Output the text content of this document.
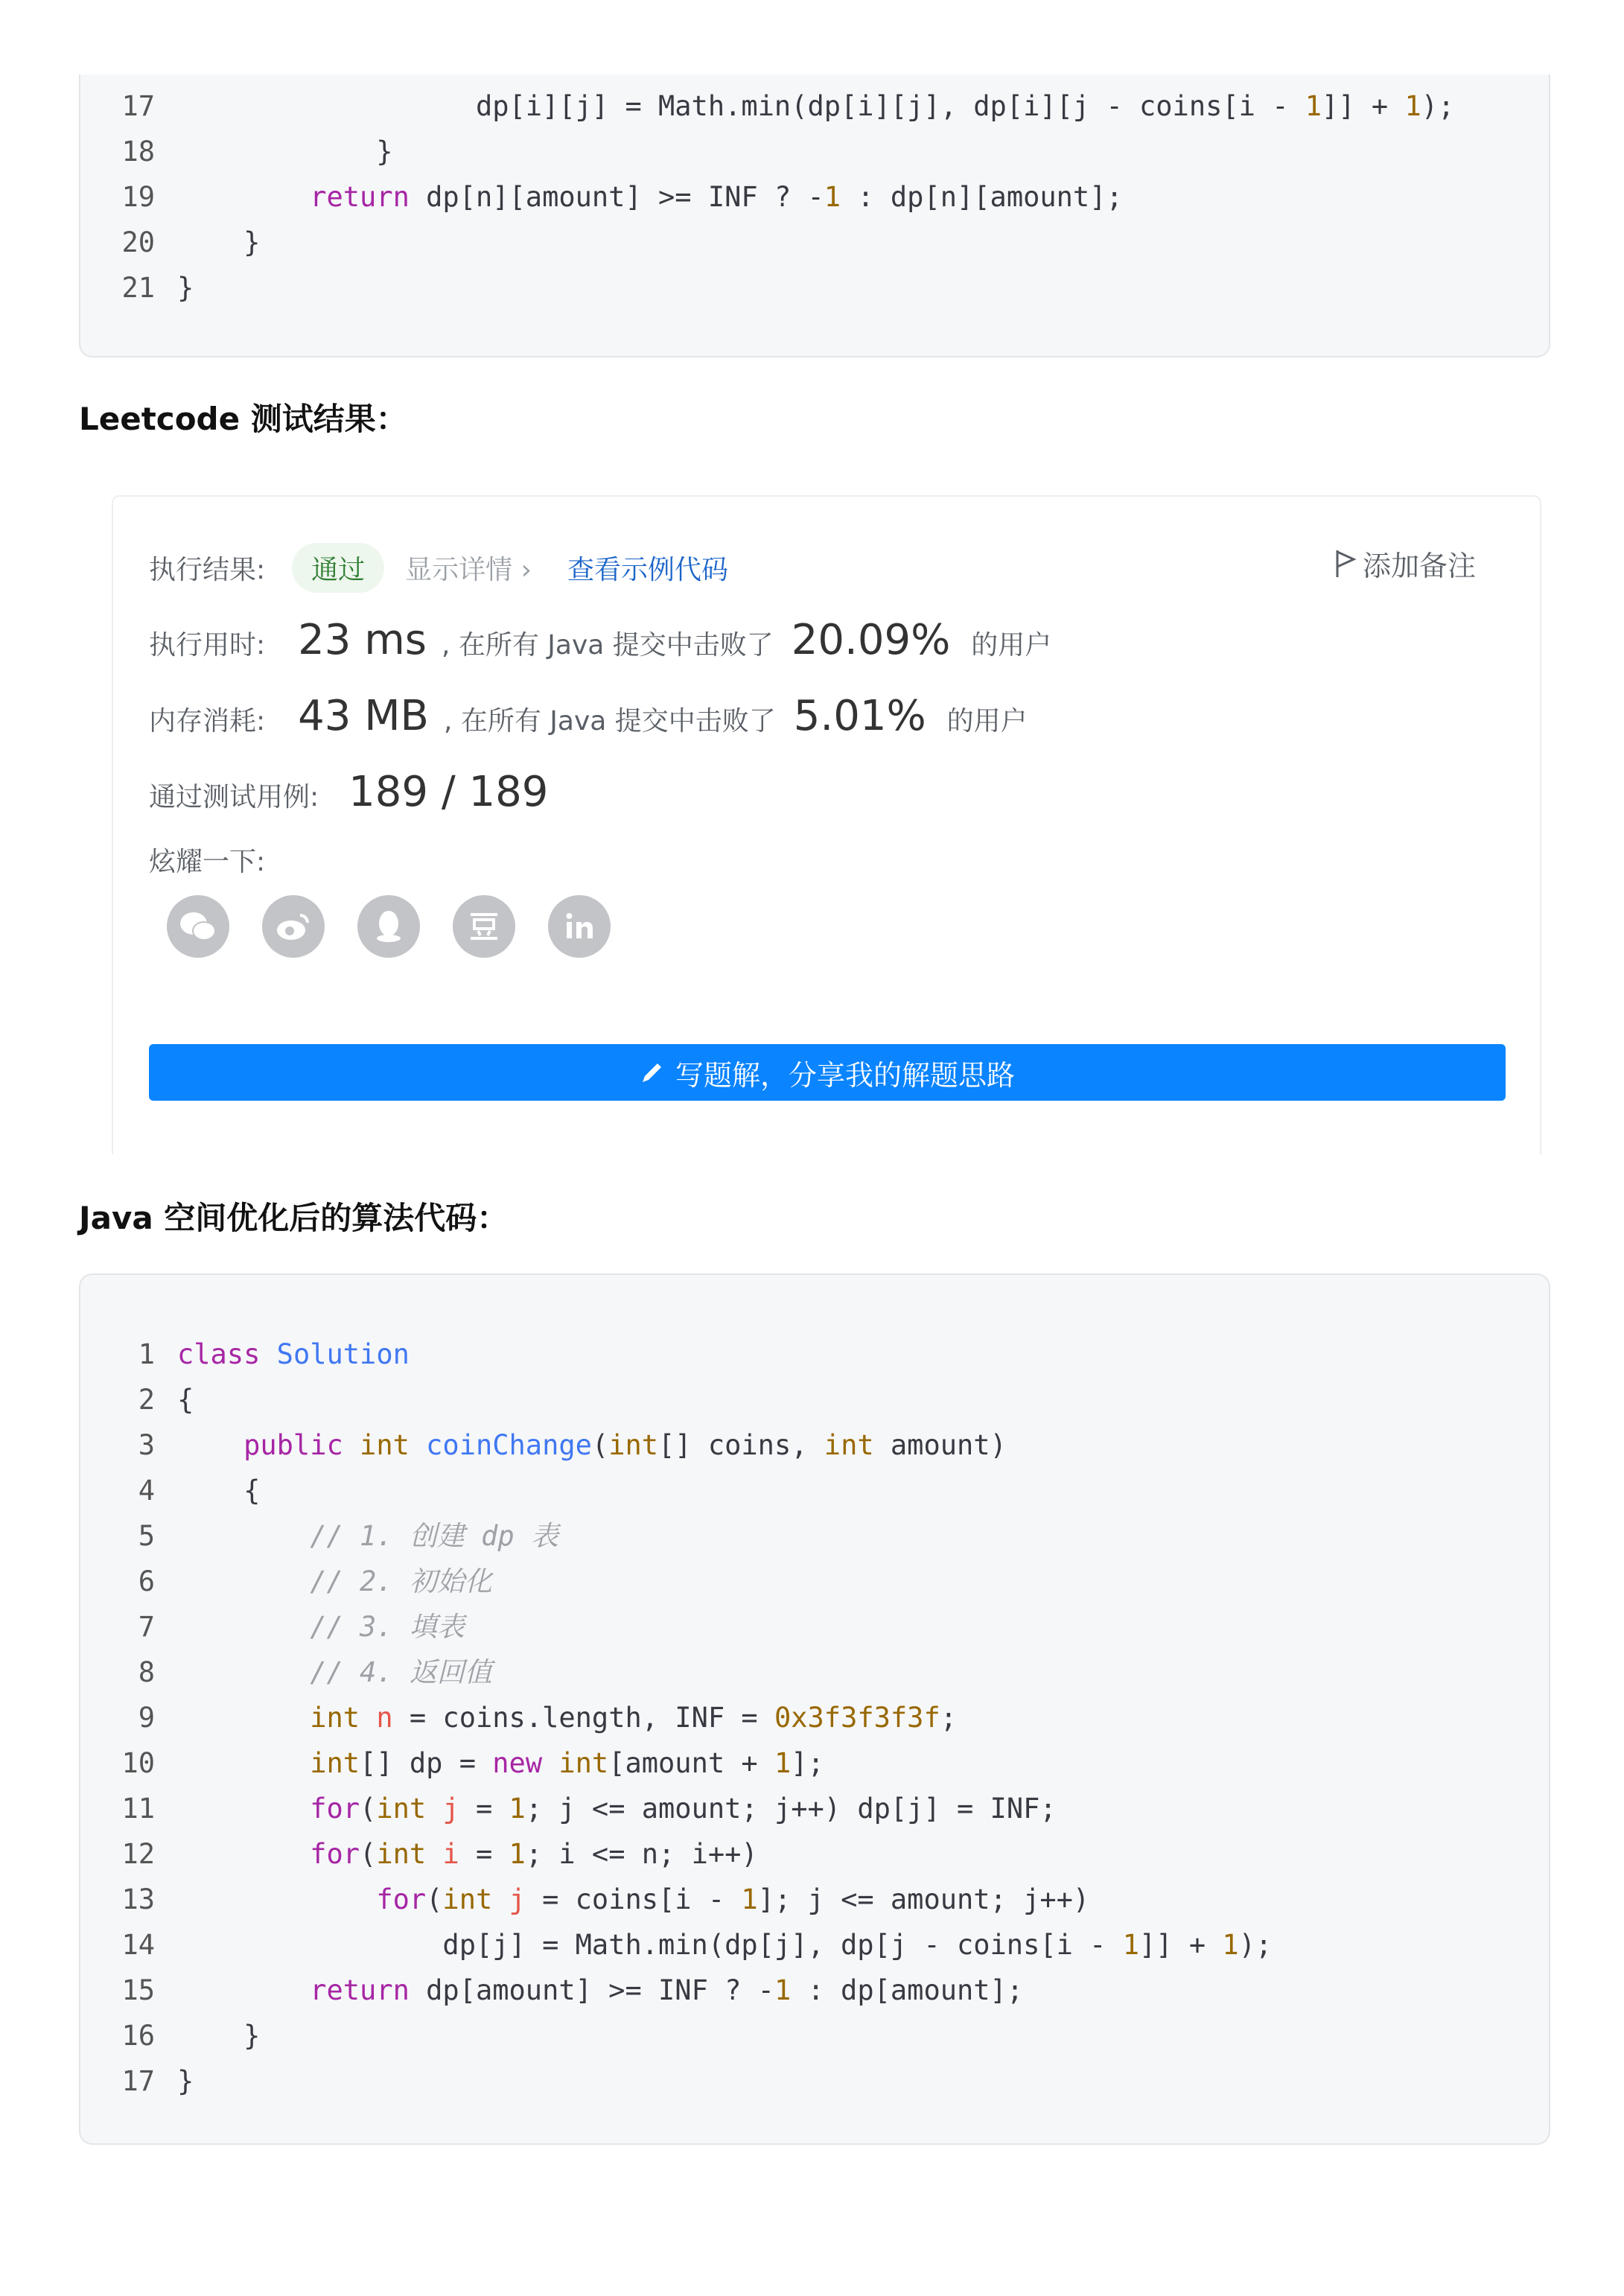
17                  dp[i][j] = Math.min(dp[i][j], dp[i][j - coins[i - 1]] + 1);
18            }
19	return dp[n][amount] >= INF ? -1 : dp[n][amount];
20    }
21 }
Leetcode 测试结果：
执行结果:	通过	显示详情 › 查看示例代码	添加备注
执行用时: 23 ms , 在所有 Java 提交中击败了 20.09% 的用户
内存消耗: 43 MB , 在所有 Java 提交中击败了 5.01% 的用户
通过测试用例: 189 / 189
炫耀一下:
写题解，分享我的解题思路
Java 空间优化后的算法代码：
1 class Solution
2 {
3	public int coinChange(int[] coins, int amount)
4    {
5	// 1. 创建 dp 表
6	// 2. 初始化
7	// 3. 填表
8	// 4. 返回值
9	int n = coins.length, INF = 0x3f3f3f3f;
10	int[] dp = new int[amount + 1];
11	for(int j = 1; j <= amount; j++) dp[j] = INF;
12	for(int i = 1; i <= n; i++)
13	for(int j = coins[i - 1]; j <= amount; j++)
14                dp[j] = Math.min(dp[j], dp[j - coins[i - 1]] + 1);
15	return dp[amount] >= INF ? -1 : dp[amount];
16    }
17 }
